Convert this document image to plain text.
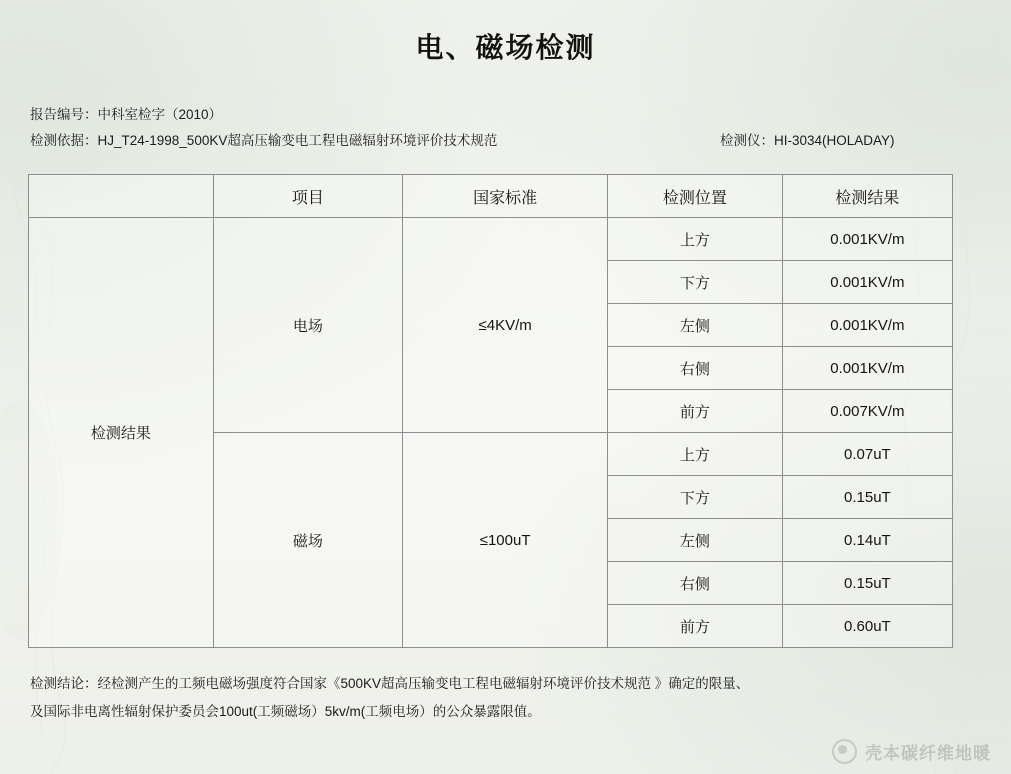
电、磁场检测
报告编号：中科室检字（2010）
检测依据：HJ_T24-1998_500KV超高压输变电工程电磁辐射环境评价技术规范	检测仪：HI-3034(HOLADAY)
	项目	国家标准	检测位置	检测结果
检测结果	电场	≤4KV/m	上方	0.001KV/m
			下方	0.001KV/m
			左侧	0.001KV/m
			右侧	0.001KV/m
			前方	0.007KV/m
	磁场	≤100uT	上方	0.07uT
			下方	0.15uT
			左侧	0.14uT
			右侧	0.15uT
			前方	0.60uT
检测结论：经检测产生的工频电磁场强度符合国家《500KV超高压输变电工程电磁辐射环境评价技术规范 》确定的限量、
及国际非电离性辐射保护委员会100ut(工频磁场）5kv/m(工频电场）的公众暴露限值。
壳本碳纤维地暖
